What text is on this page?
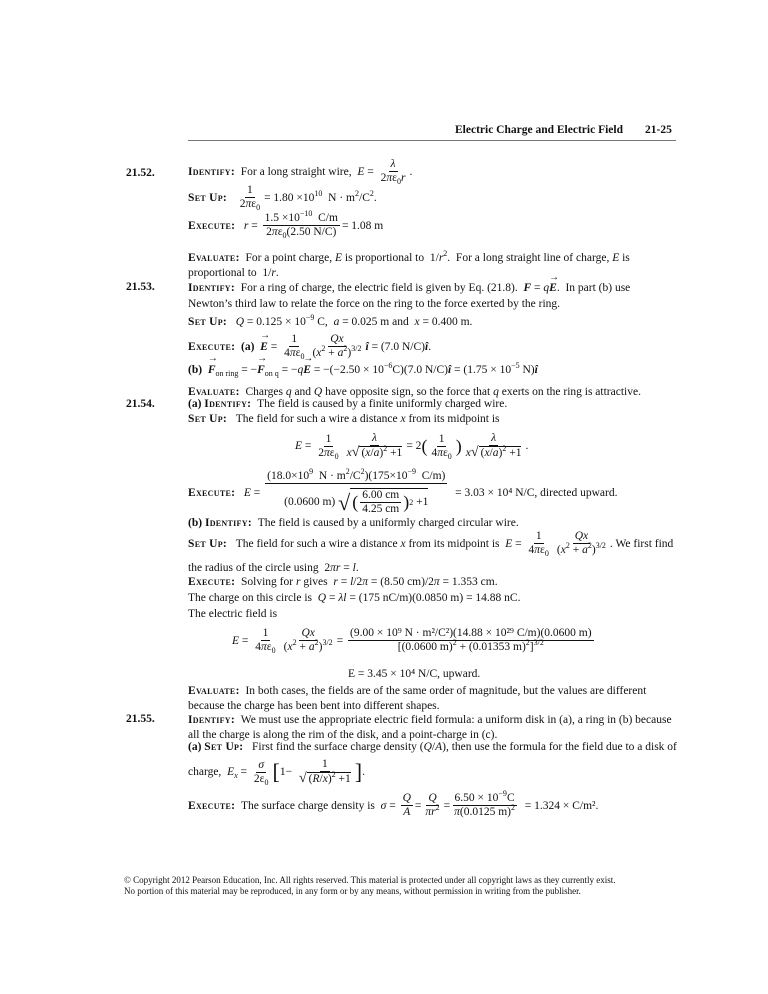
Electric Charge and Electric Field 21-25
21.52.	Identify: For a long straight wire,  $E = \frac{\lambda}{2\pi\varepsilon_0r}$ .
Set Up:
$\frac{1}{2\pi\varepsilon_0} = 1.80 \times 10^{10}$  $N \cdot m^2/C^2$.
Execute: $r = \frac{1.5 \times 10^{-10} C/m}{2\pi\varepsilon_0(2.50 N/C)} = 1.08$ m
Evaluate:  For a point charge, E is proportional to  $1/r^2$.  For a long straight line of charge, E is proportional to  1/r.
21.53.	Identify:  For a ring of charge, the electric field is given by Eq. (21.8).  F = q→ E.  In part (b) use
Newton’s third law to relate the force on the ring to the force exerted by the ring.
Set Up: $Q = 0.125 \times 10^{-9}$ C,  a = 0.025 m and  x = 0.400 m.
Execute: $(a) \to E = \frac{1}{4\pi\varepsilon_0} \frac{Qx}{(x^2 + a^2)^{3/2}}$ î = (7.0 N/C)î.
$(b) \to F_{on ring}$ = −→ $F_{on q} = -q\to E = -(-2.50 \times 10^{-6}C)(7.0$ N/C)î = ($1.75 \times 10^{-5}$ N)î
Evaluate:  Charges q and Q have opposite sign, so the force that q exerts on the ring is attractive.
21.54.	(a) Identify: The field is caused by a finite uniformly charged wire.
Set Up: The field for such a wire a distance x from its midpoint is
$E = \frac{1}{2\pi\varepsilon_0} \frac{\lambda}{x√ (x/a)^2 +1} = 2$ ( $\frac{1}{4\pi\varepsilon_0}$ ) $\frac{\lambda}{x√ (x/a)^2 +1}$ .
Execute: $E = \frac{(18.0\times 10^9 N \cdot m^2/C^2)(175\times 10^{-9} C/m)}{(0.0600 m) √ ( \frac{6.00 cm}{4.25 cm} ) 2 +1}$
= 3.03 × 10⁴ N/C, directed upward.
(b) Identify: The field is caused by a uniformly charged circular wire.
Set Up: The field for such a wire a distance x from its midpoint is  $E = \frac{1}{4\pi\varepsilon_0} \frac{Qx}{(x^2 + a^2)^{3/2}}$ . We first find
the radius of the circle using  2πr = l.
Execute:  Solving for r gives  r = l/2π = (8.50 cm)/2π = 1.353 cm.
The charge on this circle is  Q = λl = (175 nC/m)(0.0850 m) = 14.88 nC.
The electric field is
$E = \frac{1}{4\pi\varepsilon_0} \frac{Qx}{(x^2 + a^2)^{3/2}} = \frac{\text{(9.00 × 10⁹ N · m²/C²)(14.88 × 10²⁹ C/m)(0.0600 m)}}{[(0.0600 m)^2 + (0.01353 m)^2]^{3/2}}$
E = 3.45 × 10⁴ N/C, upward.
Evaluate: In both cases, the fields are of the same order of magnitude, but the values are different because the charge has been bent into different shapes.
21.55.	Identify: We must use the appropriate electric field formula: a uniform disk in (a), a ring in (b) because all the charge is along the rim of the disk, and a point-charge in (c).
(a) Set Up:   First find the surface charge density (Q/A), then use the formula for the field due to a disk of
charge,  $E_x = \frac{\sigma}{2\varepsilon_0}$ [ $1- \frac{1}{√ (R/x)^2 +1}$ ] .
Execute: The surface charge density is  $\sigma = \frac{Q}{A} = \frac{Q}{\pi r^2} = \frac{6.50 \times 10^{-9}C}{\pi(0.0125 m)^2}$
= 1.324 × C/m².
© Copyright 2012 Pearson Education, Inc. All rights reserved. This material is protected under all copyright laws as they currently exist.
No portion of this material may be reproduced, in any form or by any means, without permission in writing from the publisher.
